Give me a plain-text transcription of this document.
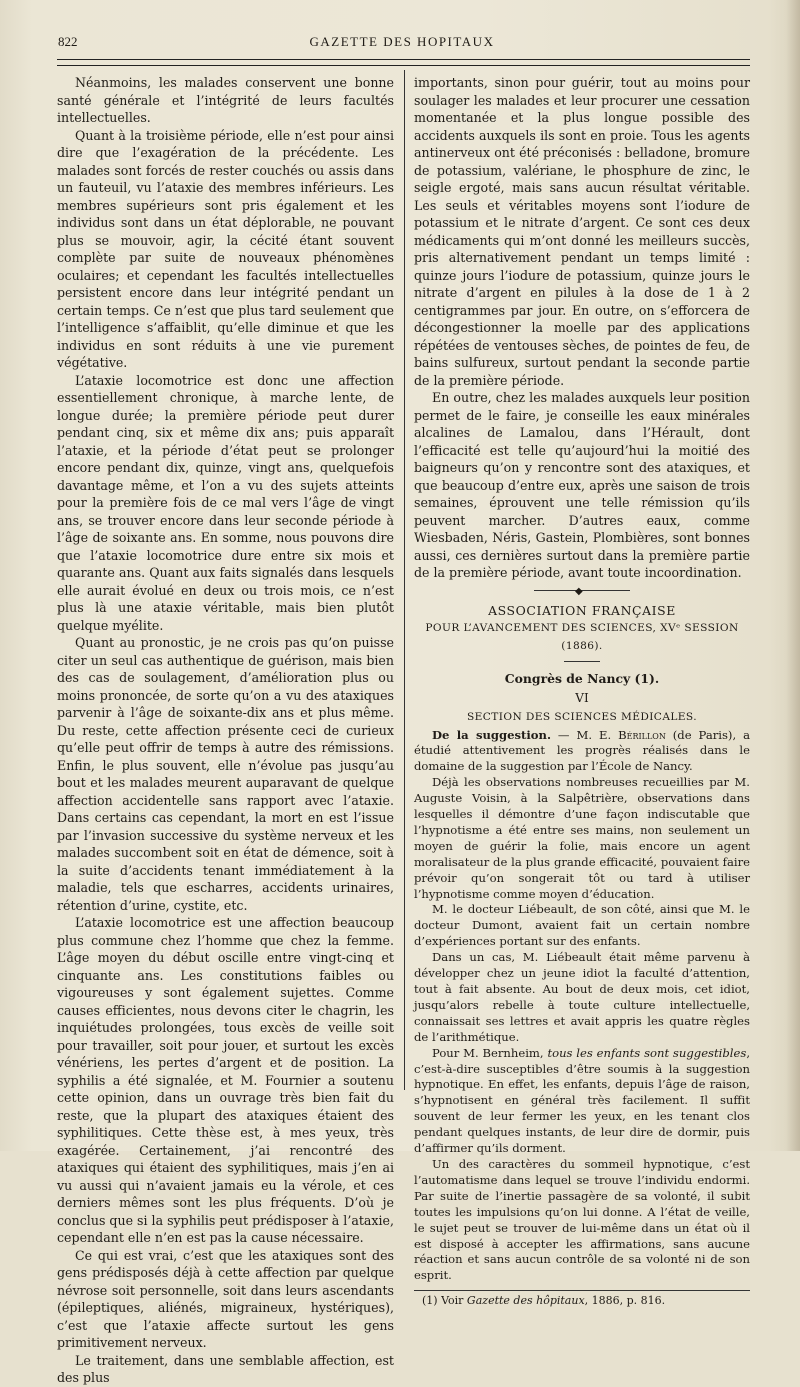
822	GAZETTE DES HOPITAUX

Néanmoins, les malades conservent une bonne santé générale et l’intégrité de leurs facultés intellectuelles.

Quant à la troisième période, elle n’est pour ainsi dire que l’exagération de la précédente. Les malades sont forcés de rester couchés ou assis dans un fauteuil, vu l’ataxie des membres inférieurs. Les membres supérieurs sont pris également et les individus sont dans un état déplorable, ne pouvant plus se mouvoir, agir, la cécité étant souvent complète par suite de nouveaux phénomènes oculaires; et cependant les facultés intellectuelles persistent encore dans leur intégrité pendant un certain temps. Ce n’est que plus tard seulement que l’intelligence s’affaiblit, qu’elle diminue et que les individus en sont réduits à une vie purement végétative.

L’ataxie locomotrice est donc une affection essentiellement chronique, à marche lente, de longue durée; la première période peut durer pendant cinq, six et même dix ans; puis apparaît l’ataxie, et la période d’état peut se prolonger encore pendant dix, quinze, vingt ans, quelquefois davantage même, et l’on a vu des sujets atteints pour la première fois de ce mal vers l’âge de vingt ans, se trouver encore dans leur seconde période à l’âge de soixante ans. En somme, nous pouvons dire que l’ataxie locomotrice dure entre six mois et quarante ans. Quant aux faits signalés dans lesquels elle aurait évolué en deux ou trois mois, ce n’est plus là une ataxie véritable, mais bien plutôt quelque myélite.

Quant au pronostic, je ne crois pas qu’on puisse citer un seul cas authentique de guérison, mais bien des cas de soulagement, d’amélioration plus ou moins prononcée, de sorte qu’on a vu des ataxiques parvenir à l’âge de soixante-dix ans et plus même. Du reste, cette affection présente ceci de curieux qu’elle peut offrir de temps à autre des rémissions. Enfin, le plus souvent, elle n’évolue pas jusqu’au bout et les malades meurent auparavant de quelque affection accidentelle sans rapport avec l’ataxie. Dans certains cas cependant, la mort en est l’issue par l’invasion successive du système nerveux et les malades succombent soit en état de démence, soit à la suite d’accidents tenant immédiatement à la maladie, tels que escharres, accidents urinaires, rétention d’urine, cystite, etc.

L’ataxie locomotrice est une affection beaucoup plus commune chez l’homme que chez la femme. L’âge moyen du début oscille entre vingt-cinq et cinquante ans. Les constitutions faibles ou vigoureuses y sont également sujettes. Comme causes efficientes, nous devons citer le chagrin, les inquiétudes prolongées, tous excès de veille soit pour travailler, soit pour jouer, et surtout les excès vénériens, les pertes d’argent et de position. La syphilis a été signalée, et M. Fournier a soutenu cette opinion, dans un ouvrage très bien fait du reste, que la plupart des ataxiques étaient des syphilitiques. Cette thèse est, à mes yeux, très exagérée. Certainement, j’ai rencontré des ataxiques qui étaient des syphilitiques, mais j’en ai vu aussi qui n’avaient jamais eu la vérole, et ces derniers mêmes sont les plus fréquents. D’où je conclus que si la syphilis peut prédisposer à l’ataxie, cependant elle n’en est pas la cause nécessaire.

Ce qui est vrai, c’est que les ataxiques sont des gens prédisposés déjà à cette affection par quelque névrose soit personnelle, soit dans leurs ascendants (épileptiques, aliénés, migraineux, hystériques), c’est que l’ataxie affecte surtout les gens primitivement nerveux.

Le traitement, dans une semblable affection, est des plus

importants, sinon pour guérir, tout au moins pour soulager les malades et leur procurer une cessation momentanée et la plus longue possible des accidents auxquels ils sont en proie. Tous les agents antinerveux ont été préconisés : belladone, bromure de potassium, valériane, le phosphure de zinc, le seigle ergoté, mais sans aucun résultat véritable. Les seuls et véritables moyens sont l’iodure de potassium et le nitrate d’argent. Ce sont ces deux médicaments qui m’ont donné les meilleurs succès, pris alternativement pendant un temps limité : quinze jours l’iodure de potassium, quinze jours le nitrate d’argent en pilules à la dose de 1 à 2 centigrammes par jour. En outre, on s’efforcera de décongestionner la moelle par des applications répétées de ventouses sèches, de pointes de feu, de bains sulfureux, surtout pendant la seconde partie de la première période.

En outre, chez les malades auxquels leur position permet de le faire, je conseille les eaux minérales alcalines de Lamalou, dans l’Hérault, dont l’efficacité est telle qu’aujourd’hui la moitié des baigneurs qu’on y rencontre sont des ataxiques, et que beaucoup d’entre eux, après une saison de trois semaines, éprouvent une telle rémission qu’ils peuvent marcher. D’autres eaux, comme Wiesbaden, Néris, Gastein, Plombières, sont bonnes aussi, ces dernières surtout dans la première partie de la première période, avant toute incoordination.

◆
ASSOCIATION FRANÇAISE
POUR L’AVANCEMENT DES SCIENCES, XVᵉ SESSION (1886).
Congrès de Nancy (1).
VI
SECTION DES SCIENCES MÉDICALES.

De la suggestion. — M. E. Bérillon (de Paris), a étudié attentivement les progrès réalisés dans le domaine de la suggestion par l’École de Nancy.

Déjà les observations nombreuses recueillies par M. Auguste Voisin, à la Salpêtrière, observations dans lesquelles il démontre d’une façon indiscutable que l’hypnotisme a été entre ses mains, non seulement un moyen de guérir la folie, mais encore un agent moralisateur de la plus grande efficacité, pouvaient faire prévoir qu’on songerait tôt ou tard à utiliser l’hypnotisme comme moyen d’éducation.

M. le docteur Liébeault, de son côté, ainsi que M. le docteur Dumont, avaient fait un certain nombre d’expériences portant sur des enfants.

Dans un cas, M. Liébeault était même parvenu à développer chez un jeune idiot la faculté d’attention, tout à fait absente. Au bout de deux mois, cet idiot, jusqu’alors rebelle à toute culture intellectuelle, connaissait ses lettres et avait appris les quatre règles de l’arithmétique.

Pour M. Bernheim, tous les enfants sont suggestibles, c’est-à-dire susceptibles d’être soumis à la suggestion hypnotique. En effet, les enfants, depuis l’âge de raison, s’hypnotisent en général très facilement. Il suffit souvent de leur fermer les yeux, en les tenant clos pendant quelques instants, de leur dire de dormir, puis d’affirmer qu’ils dorment.

Un des caractères du sommeil hypnotique, c’est l’automatisme dans lequel se trouve l’individu endormi. Par suite de l’inertie passagère de sa volonté, il subit toutes les impulsions qu’on lui donne. A l’état de veille, le sujet peut se trouver de lui-même dans un état où il est disposé à accepter les affirmations, sans aucune réaction et sans aucun contrôle de sa volonté ni de son esprit.

(1) Voir Gazette des hôpitaux, 1886, p. 816.
